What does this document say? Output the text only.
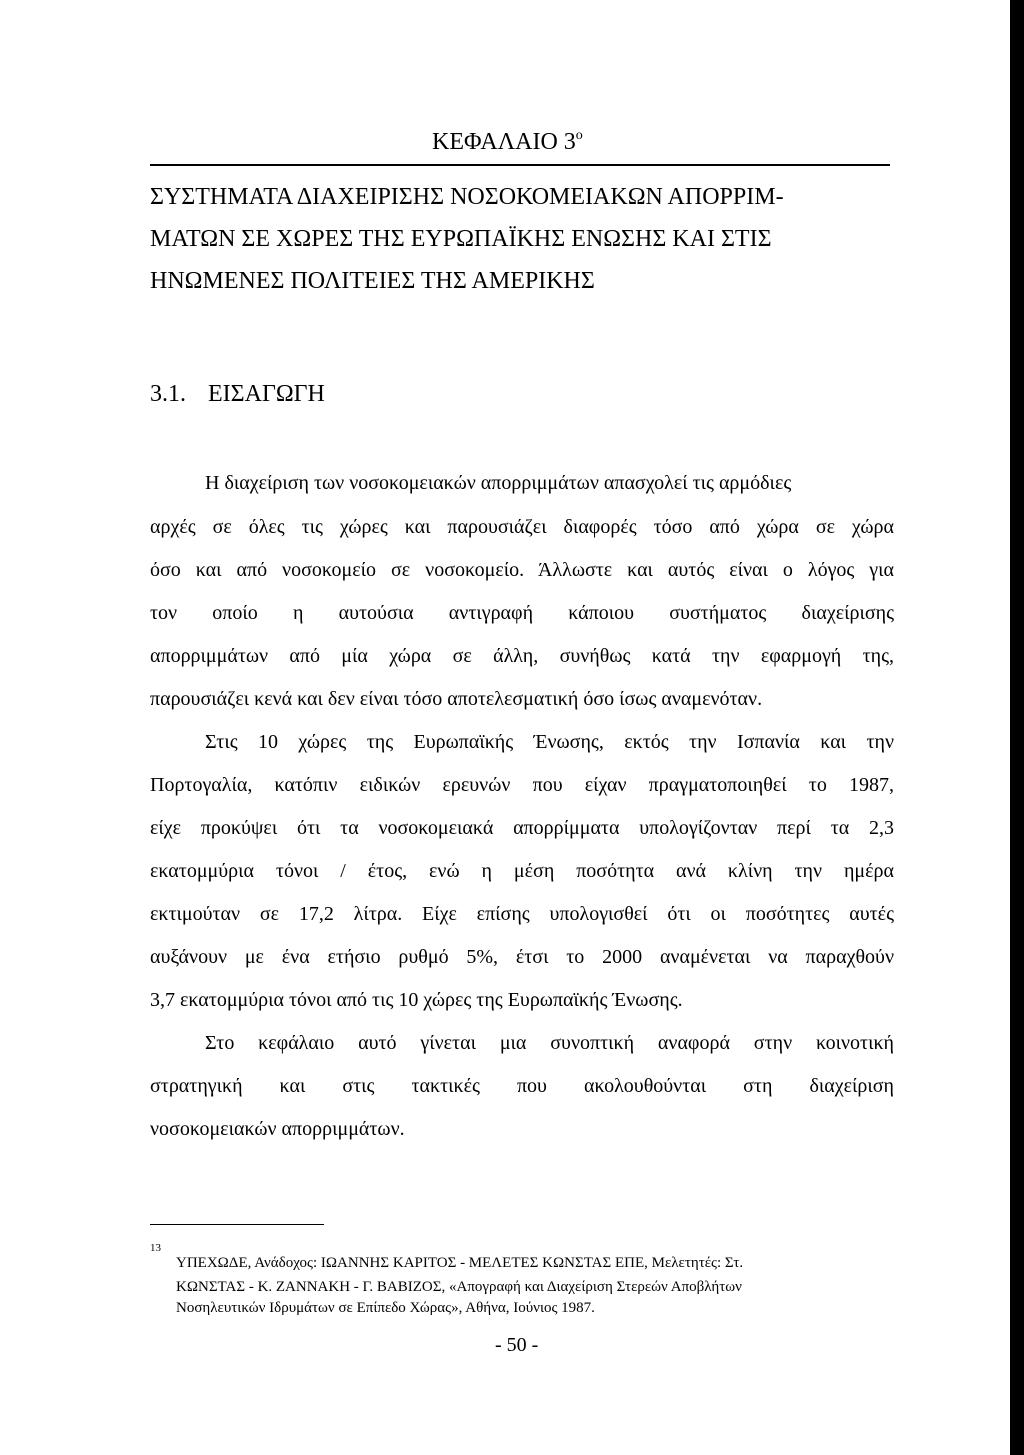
ΚΕΦΑΛΑΙΟ $3^o$
ΣΥΣΤΗΜΑΤΑ ΔΙΑΧΕΙΡΙΣΗΣ ΝΟΣΟΚΟΜΕΙΑΚΩΝ ΑΠΟΡΡΙΜ-
ΜΑΤΩΝ ΣΕ ΧΩΡΕΣ ΤΗΣ ΕΥΡΩΠΑΪΚΗΣ ΕΝΩΣΗΣ ΚΑΙ ΣΤΙΣ
ΗΝΩΜΕΝΕΣ ΠΟΛΙΤΕΙΕΣ ΤΗΣ ΑΜΕΡΙΚΗΣ
3.1. ΕΙΣΑΓΩΓΗ
Η διαχείριση των νοσοκομειακών απορριμμάτων απασχολεί τις αρμόδιες
αρχές σε όλες τις χώρες και παρουσιάζει διαφορές τόσο από χώρα σε χώρα
όσο και από νοσοκομείο σε νοσοκομείο. Άλλωστε και αυτός είναι ο λόγος για
τον οποίο η αυτούσια αντιγραφή κάποιου συστήματος διαχείρισης
απορριμμάτων από μία χώρα σε άλλη, συνήθως κατά την εφαρμογή της,
παρουσιάζει κενά και δεν είναι τόσο αποτελεσματική όσο ίσως αναμενόταν.
Στις 10 χώρες της Ευρωπαϊκής Ένωσης, εκτός την Ισπανία και την
Πορτογαλία, κατόπιν ειδικών ερευνών που είχαν πραγματοποιηθεί το 1987,
είχε προκύψει ότι τα νοσοκομειακά απορρίμματα υπολογίζονταν περί τα 2,3
εκατομμύρια τόνοι / έτος, ενώ η μέση ποσότητα ανά κλίνη την ημέρα
εκτιμούταν σε 17,2 λίτρα. Είχε επίσης υπολογισθεί ότι οι ποσότητες αυτές
αυξάνουν με ένα ετήσιο ρυθμό 5%, έτσι το 2000 αναμένεται να παραχθούν
3,7 εκατομμύρια τόνοι από τις 10 χώρες της Ευρωπαϊκής Ένωσης.
Στο κεφάλαιο αυτό γίνεται μια συνοπτική αναφορά στην κοινοτική
στρατηγική και στις τακτικές που ακολουθούνται στη διαχείριση
νοσοκομειακών απορριμμάτων.
13
ΥΠΕΧΩΔΕ, Ανάδοχος: ΙΩΑΝΝΗΣ ΚΑΡΙΤΟΣ - ΜΕΛΕΤΕΣ ΚΩΝΣΤΑΣ ΕΠΕ, Μελετητές: Στ.
ΚΩΝΣΤΑΣ - Κ. ΖΑΝΝΑΚΗ - Γ. ΒΑΒΙΖΟΣ, «Απογραφή και Διαχείριση Στερεών Αποβλήτων
Νοσηλευτικών Ιδρυμάτων σε Επίπεδο Χώρας», Αθήνα, Ιούνιος 1987.
- 50 -
